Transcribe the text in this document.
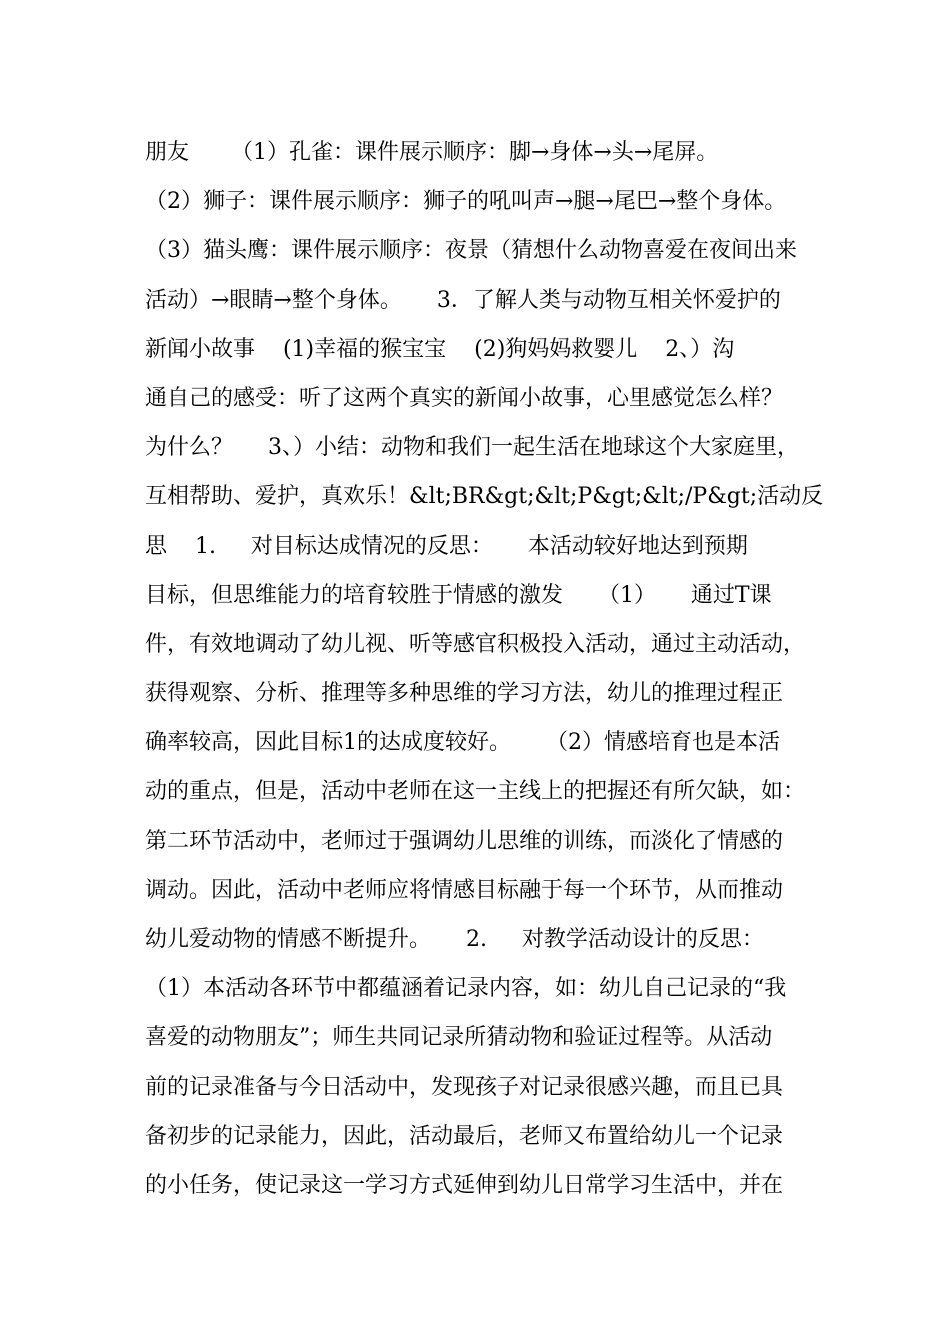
朋友      （1）孔雀：课件展示顺序：脚→身体→头→尾屏。
（2）狮子：课件展示顺序：狮子的吼叫声→腿→尾巴→整个身体。
（3）猫头鹰：课件展示顺序：夜景（猜想什么动物喜爱在夜间出来
活动）→眼睛→整个身体。     3．了解人类与动物互相关怀爱护的
新闻小故事    (1)幸福的猴宝宝    (2)狗妈妈救婴儿    2、）沟
通自己的感受：听了这两个真实的新闻小故事，心里感觉怎么样？
为什么？     3、）小结：动物和我们一起生活在地球这个大家庭里，
互相帮助、爱护，真欢乐！&lt;BR&gt;&lt;P&gt;&lt;/P&gt;活动反
思    1.     对目标达成情况的反思：     本活动较好地达到预期
目标，但思维能力的培育较胜于情感的激发     （1）     通过T课
件，有效地调动了幼儿视、听等感官积极投入活动，通过主动活动，
获得观察、分析、推理等多种思维的学习方法，幼儿的推理过程正
确率较高，因此目标1的达成度较好。     （2）情感培育也是本活
动的重点，但是，活动中老师在这一主线上的把握还有所欠缺，如：
第二环节活动中，老师过于强调幼儿思维的训练，而淡化了情感的
调动。因此，活动中老师应将情感目标融于每一个环节，从而推动
幼儿爱动物的情感不断提升。     2.     对教学活动设计的反思：
（1）本活动各环节中都蕴涵着记录内容，如：幼儿自己记录的“我
喜爱的动物朋友”；师生共同记录所猜动物和验证过程等。从活动
前的记录准备与今日活动中，发现孩子对记录很感兴趣，而且已具
备初步的记录能力，因此，活动最后，老师又布置给幼儿一个记录
的小任务，使记录这一学习方式延伸到幼儿日常学习生活中，并在
